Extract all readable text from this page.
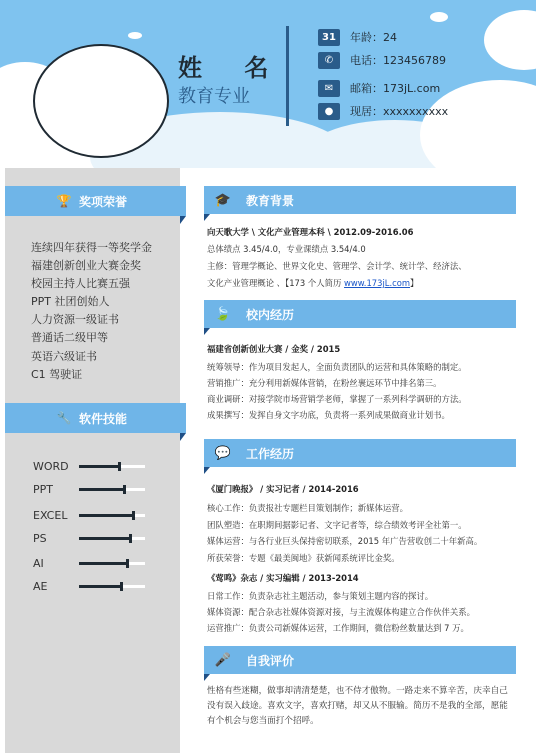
姓 名
教育专业
31	年龄：24
✆	电话：123456789
✉	邮箱：173jL.com
●	现居：xxxxxxxxxx
🏆 奖项荣誉
连续四年获得一等奖学金
福建创新创业大赛金奖
校园主持人比赛五强
PPT 社团创始人
人力资源一级证书
普通话二级甲等
英语六级证书
C1 驾驶证
🔧 软件技能
WORD
PPT
EXCEL
PS
AI
AE
🎓 教育背景
向天歌大学 \ 文化产业管理本科 \ 2012.09-2016.06
总体绩点 3.45/4.0，专业课绩点 3.54/4.0
主修：管理学概论、世界文化史、管理学、会计学、统计学、经济法、
文化产业管理概论 、【173 个人简历 www.173jL.com】
🍃 校内经历
福建省创新创业大赛 / 金奖 / 2015
统筹领导：作为项目发起人，全面负责团队的运营和具体策略的制定。
营销推广：充分利用新媒体营销，在粉丝裹远环节中排名第三。
商业调研：对接学院市场营销学老师，掌握了一系列科学调研的方法。
成果撰写：发挥自身文字功底，负责将一系列成果做商业计划书。
💬 工作经历
《厦门晚报》 / 实习记者 / 2014-2016
核心工作：负责报社专题栏目策划制作；新媒体运营。
团队塑造：在职期间据影记者、文字记者等，综合绩效考评全社第一。
媒体运营：与各行业巨头保持密切联系，2015 年广告营收创二十年新高。
所获荣誉：专题《最美闽地》获新闻系统评比金奖。
《莺鸣》杂志 / 实习编辑 / 2013-2014
日常工作：负责杂志社主题活动，参与策划主题内容的探讨。
媒体资源：配合杂志社媒体资源对接，与主流媒体构建立合作伙伴关系。
运营推广：负责公司新媒体运营，工作期间，微信粉丝数量达到 7 万。
🎤 自我评价
性格有些迷糊，做事却清清楚楚，也不侍才傲物。一路走来不算辛苦，庆幸自己没有误入歧途。喜欢文字，喜欢打赌，却又从不服输。简历不是我的全部，愿能有个机会与您当面打个招呼。
